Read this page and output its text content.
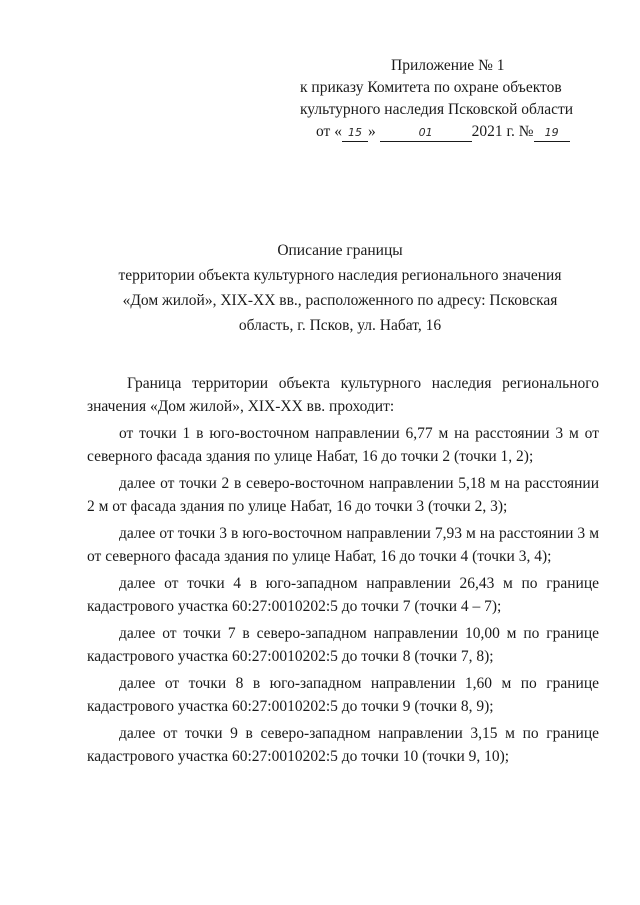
Приложение № 1
к приказу Комитета по охране объектов
культурного наследия Псковской области
от « 15 »	01	2021 г. № 19
Описание границы
территории объекта культурного наследия регионального значения
«Дом жилой», XIX-XX вв., расположенного по адресу: Псковская
область, г. Псков, ул. Набат, 16

Граница территории объекта культурного наследия регионального значения «Дом жилой», XIX-XX вв. проходит:

от точки 1 в юго-восточном направлении 6,77 м на расстоянии 3 м от северного фасада здания по улице Набат, 16 до точки 2 (точки 1, 2);

далее от точки 2 в северо-восточном направлении 5,18 м на расстоянии 2 м от фасада здания по улице Набат, 16 до точки 3 (точки 2, 3);

далее от точки 3 в юго-восточном направлении 7,93 м на расстоянии 3 м от северного фасада здания по улице Набат, 16 до точки 4 (точки 3, 4);

далее от точки 4 в юго-западном направлении 26,43 м по границе кадастрового участка 60:27:0010202:5 до точки 7 (точки 4 – 7);

далее от точки 7 в северо-западном направлении 10,00 м по границе кадастрового участка 60:27:0010202:5 до точки 8 (точки 7, 8);

далее от точки 8 в юго-западном направлении 1,60 м по границе кадастрового участка 60:27:0010202:5 до точки 9 (точки 8, 9);

далее от точки 9 в северо-западном направлении 3,15 м по границе кадастрового участка 60:27:0010202:5 до точки 10 (точки 9, 10);
